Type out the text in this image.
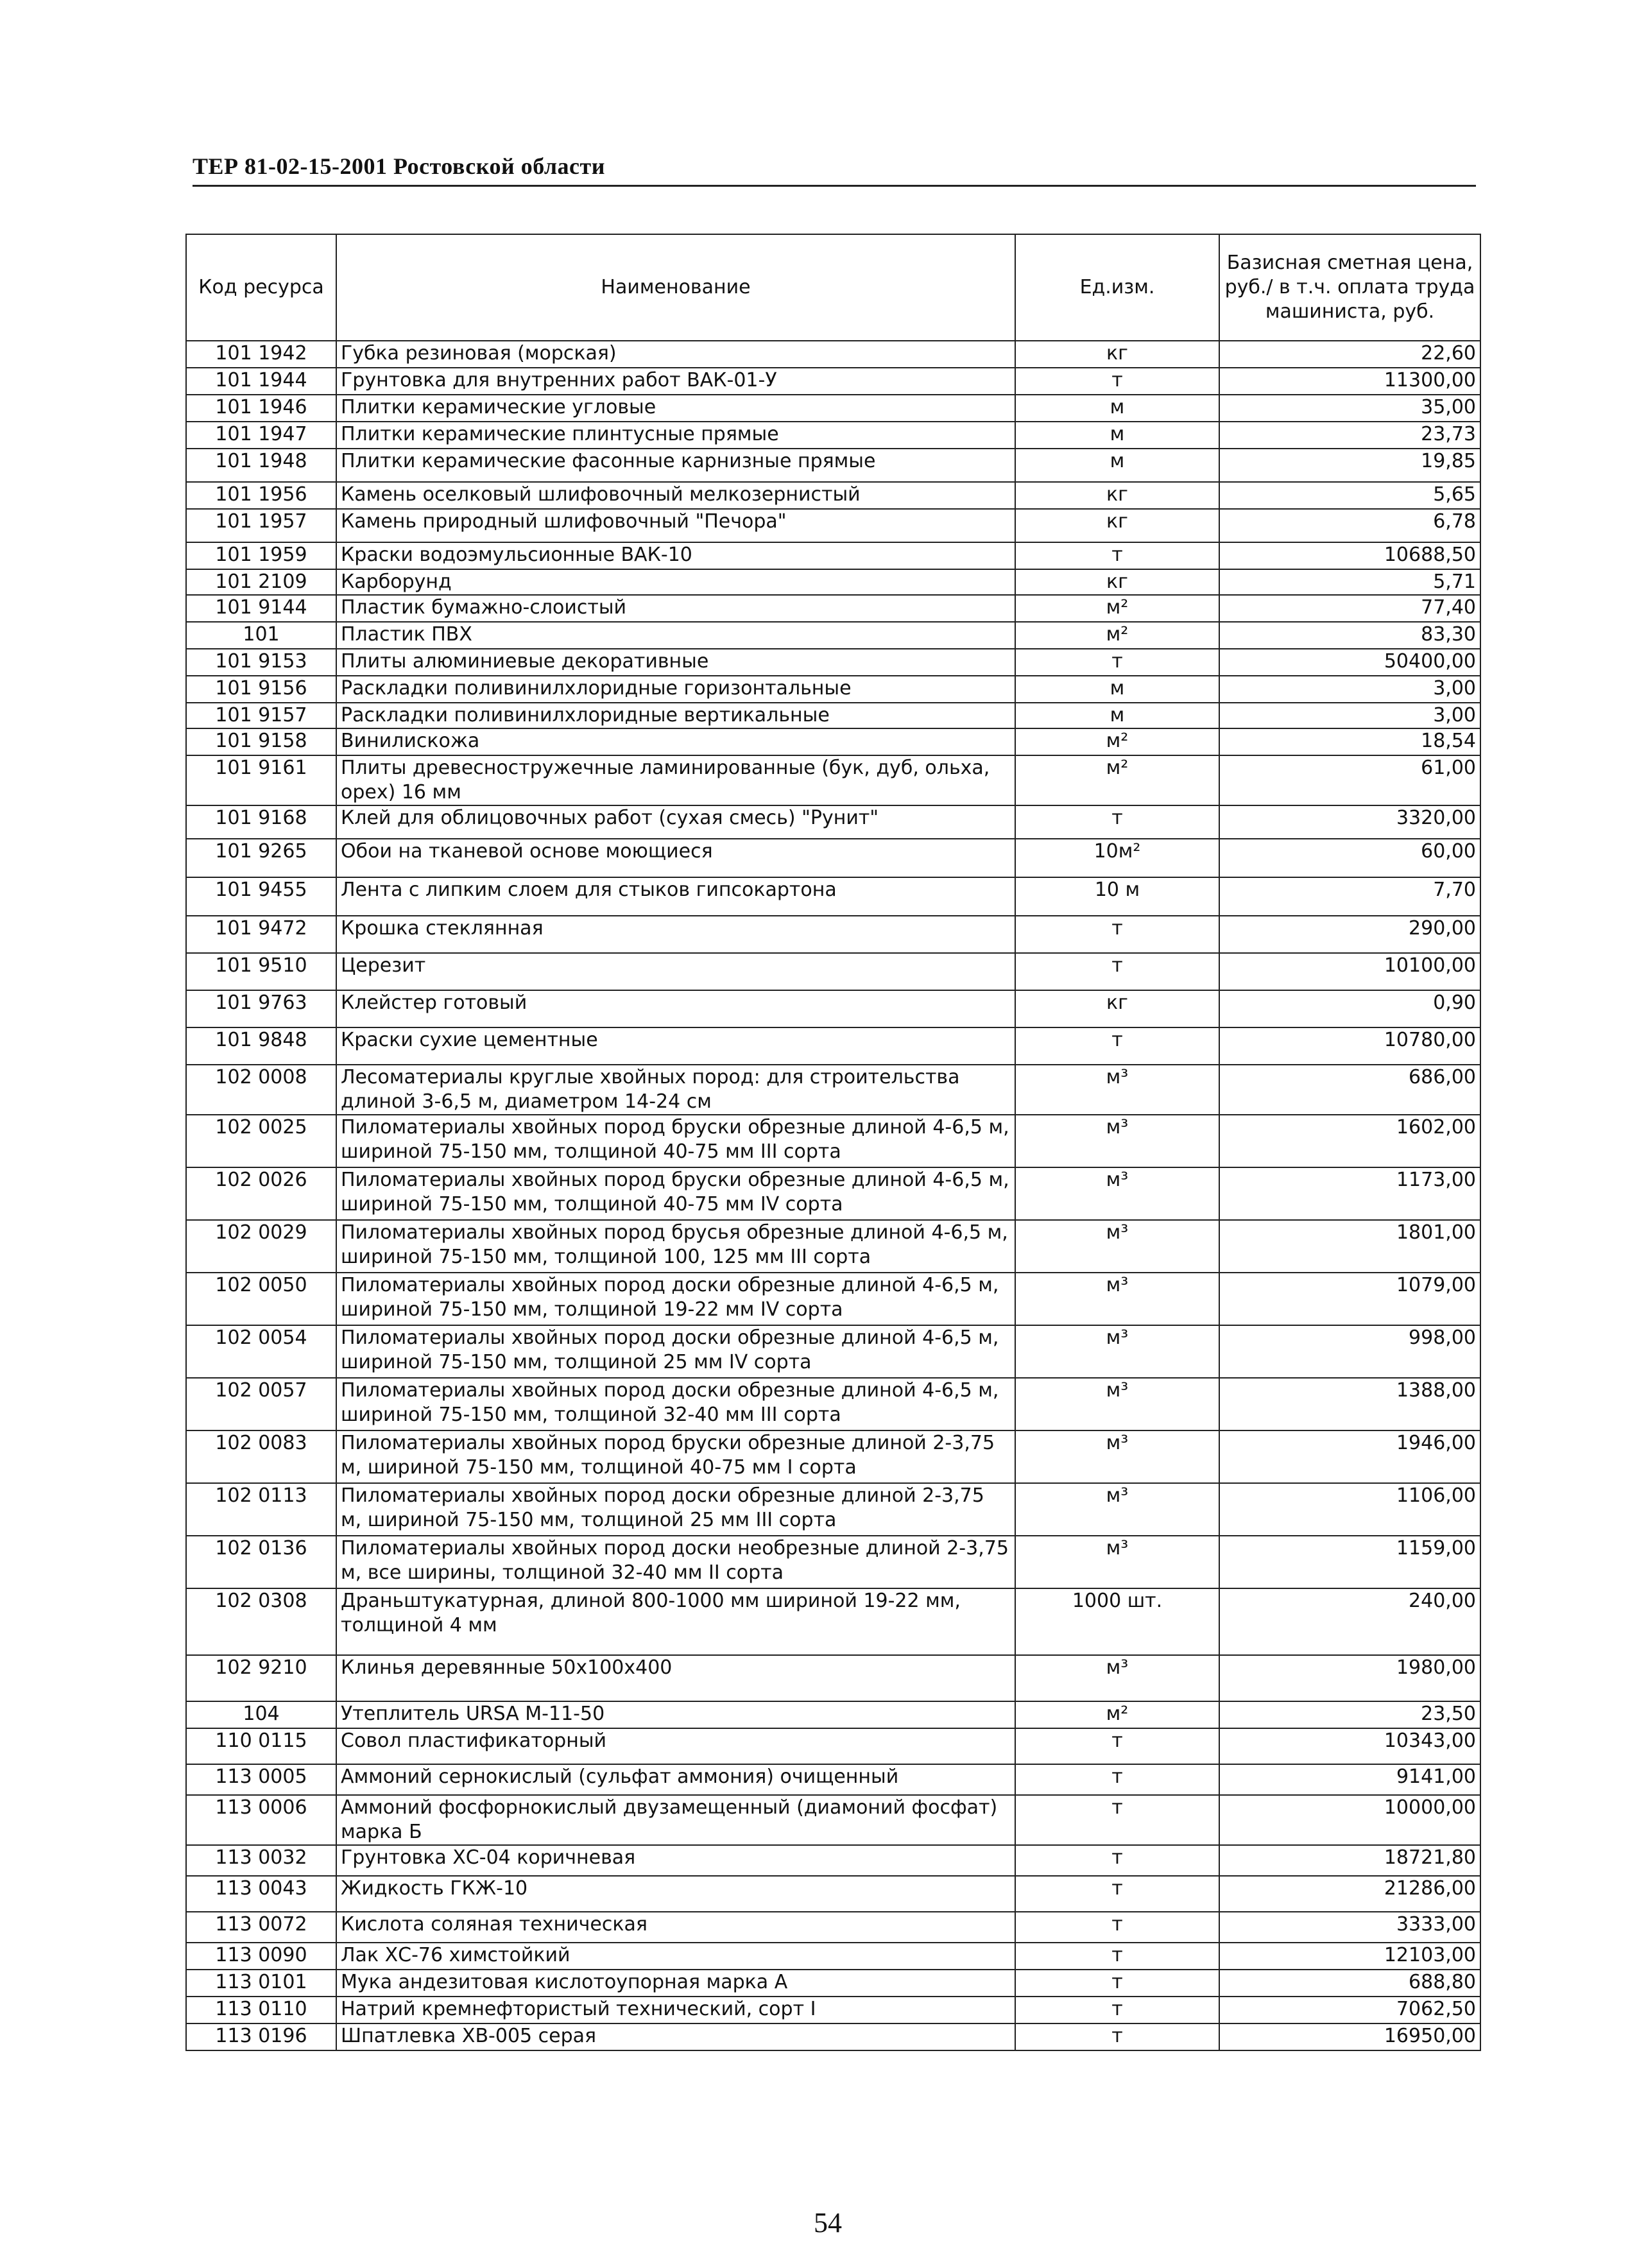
ТЕР 81-02-15-2001 Ростовской области
Код ресурса	Наименование	Ед.изм.	Базисная сметная цена, руб./ в т.ч. оплата труда машиниста, руб.
101 1942	Губка резиновая (морская)	кг	22,60
101 1944	Грунтовка для внутренних работ ВАК-01-У	т	11300,00
101 1946	Плитки керамические угловые	м	35,00
101 1947	Плитки керамические плинтусные прямые	м	23,73
101 1948	Плитки керамические фасонные карнизные прямые	м	19,85
101 1956	Камень оселковый шлифовочный мелкозернистый	кг	5,65
101 1957	Камень природный шлифовочный "Печора"	кг	6,78
101 1959	Краски водоэмульсионные ВАК-10	т	10688,50
101 2109	Карборунд	кг	5,71
101 9144	Пластик бумажно-слоистый	м²	77,40
101	Пластик ПВХ	м²	83,30
101 9153	Плиты алюминиевые декоративные	т	50400,00
101 9156	Раскладки поливинилхлоридные горизонтальные	м	3,00
101 9157	Раскладки поливинилхлоридные вертикальные	м	3,00
101 9158	Винилискожа	м²	18,54
101 9161	Плиты древесностружечные ламинированные (бук, дуб, ольха, орех) 16 мм	м²	61,00
101 9168	Клей для облицовочных работ (сухая смесь) "Рунит"	т	3320,00
101 9265	Обои на тканевой основе моющиеся	10м²	60,00
101 9455	Лента с липким слоем для стыков гипсокартона	10 м	7,70
101 9472	Крошка стеклянная	т	290,00
101 9510	Церезит	т	10100,00
101 9763	Клейстер готовый	кг	0,90
101 9848	Краски сухие цементные	т	10780,00
102 0008	Лесоматериалы круглые хвойных пород: для строительства длиной 3-6,5 м, диаметром 14-24 см	м³	686,00
102 0025	Пиломатериалы хвойных пород бруски обрезные длиной 4-6,5 м, шириной 75-150 мм, толщиной 40-75 мм III сорта	м³	1602,00
102 0026	Пиломатериалы хвойных пород бруски обрезные длиной 4-6,5 м, шириной 75-150 мм, толщиной 40-75 мм IV сорта	м³	1173,00
102 0029	Пиломатериалы хвойных пород брусья обрезные длиной 4-6,5 м, шириной 75-150 мм, толщиной 100, 125 мм III сорта	м³	1801,00
102 0050	Пиломатериалы хвойных пород доски обрезные длиной 4-6,5 м, шириной 75-150 мм, толщиной 19-22 мм IV сорта	м³	1079,00
102 0054	Пиломатериалы хвойных пород доски обрезные длиной 4-6,5 м, шириной 75-150 мм, толщиной 25 мм IV сорта	м³	998,00
102 0057	Пиломатериалы хвойных пород доски обрезные длиной 4-6,5 м, шириной 75-150 мм, толщиной 32-40 мм III сорта	м³	1388,00
102 0083	Пиломатериалы хвойных пород бруски обрезные длиной 2-3,75 м, шириной 75-150 мм, толщиной 40-75 мм I сорта	м³	1946,00
102 0113	Пиломатериалы хвойных пород доски обрезные длиной 2-3,75 м, шириной 75-150 мм, толщиной 25 мм III сорта	м³	1106,00
102 0136	Пиломатериалы хвойных пород доски необрезные длиной 2-3,75 м, все ширины, толщиной 32-40 мм II сорта	м³	1159,00
102 0308	Драньштукатурная, длиной 800-1000 мм шириной 19-22 мм, толщиной 4 мм	1000 шт.	240,00
102 9210	Клинья деревянные 50х100х400	м³	1980,00
104	Утеплитель URSA M-11-50	м²	23,50
110 0115	Совол пластификаторный	т	10343,00
113 0005	Аммоний сернокислый (сульфат аммония) очищенный	т	9141,00
113 0006	Аммоний фосфорнокислый двузамещенный (диамоний фосфат) марка Б	т	10000,00
113 0032	Грунтовка ХС-04 коричневая	т	18721,80
113 0043	Жидкость ГКЖ-10	т	21286,00
113 0072	Кислота соляная техническая	т	3333,00
113 0090	Лак ХС-76 химстойкий	т	12103,00
113 0101	Мука андезитовая кислотоупорная марка А	т	688,80
113 0110	Натрий кремнефтористый технический, сорт I	т	7062,50
113 0196	Шпатлевка ХВ-005 серая	т	16950,00
54
